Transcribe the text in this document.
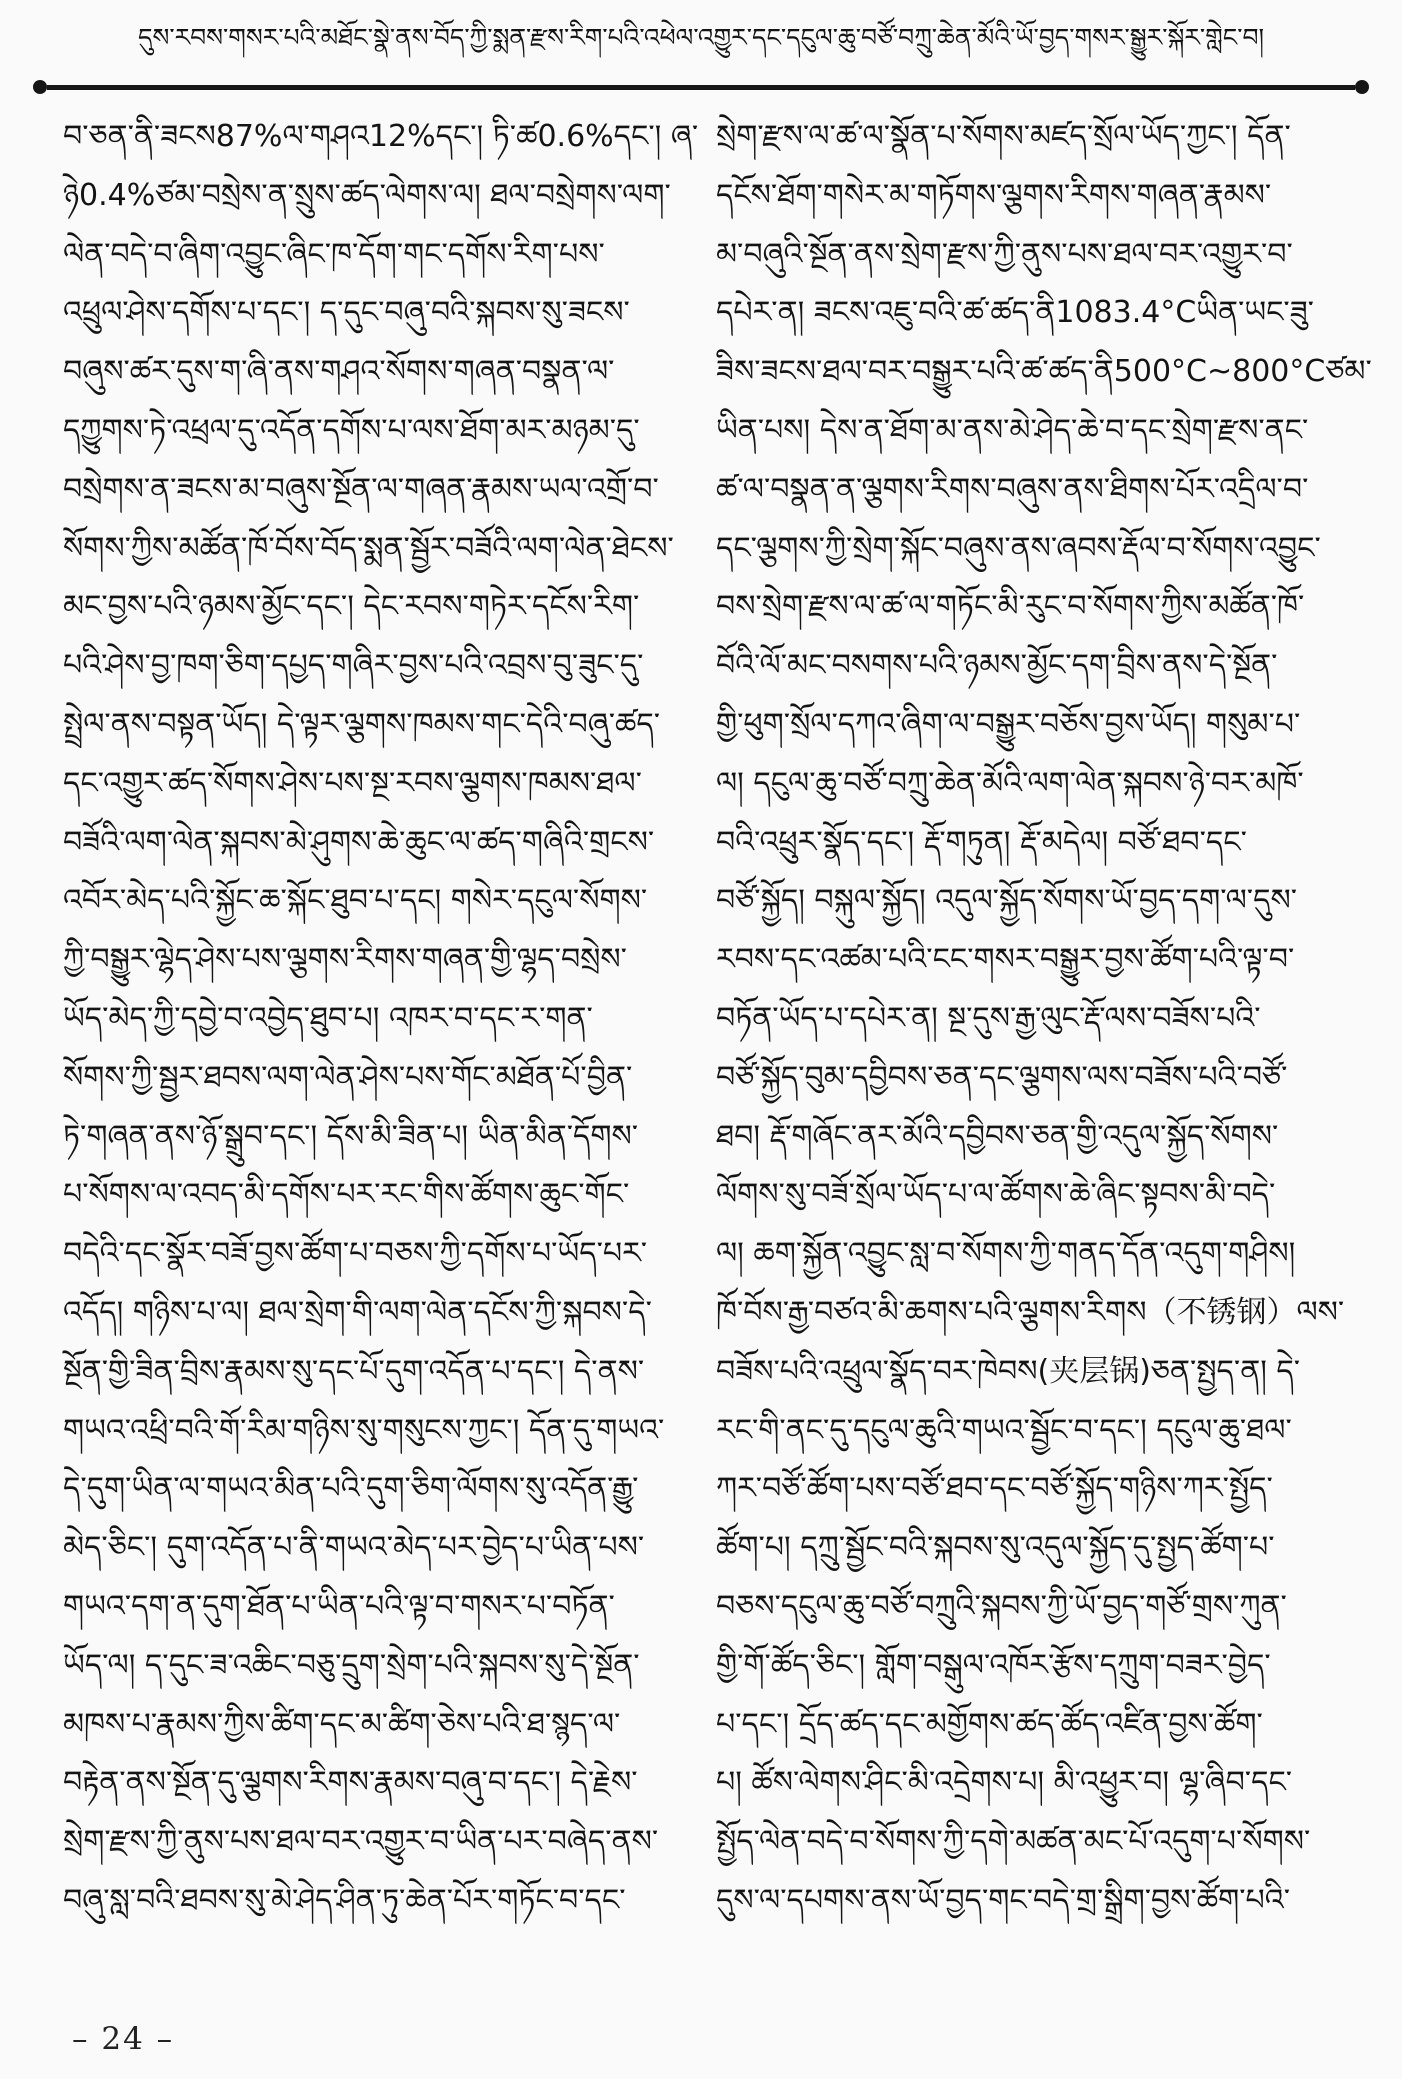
དུས་རབས་གསར་པའི་མཐོང་སྣེ་ནས་བོད་ཀྱི་སྨན་རྫས་རིག་པའི་འཕེལ་འགྱུར་དང་དངུལ་ཆུ་བཙོ་བཀྲུ་ཆེན་མོའི་ཡོ་བྱད་གསར་སྒྱུར་སྐོར་གླེང་བ།
བ་ཅན་ནི་ཟངས87%ལ་གཤའ12%དང་། ཏི་ཚ0.6%དང་། ཞ་
ཉེ0.4%ཙམ་བསྲེས་ན་སྲུས་ཚད་ལེགས་ལ། ཐལ་བསྲེགས་ལག་
ལེན་བདེ་བ་ཞིག་འབྱུང་ཞིང་ཁ་དོག་གང་དགོས་རིག་པས་
འཕྲུལ་ཤེས་དགོས་པ་དང་། ད་དུང་བཞུ་བའི་སྐབས་སུ་ཟངས་
བཞུས་ཚར་དུས་ག་ཞི་ནས་གཤའ་སོགས་གཞན་བསྣན་ལ་
དཀྱུགས་ཏེ་འཕྲལ་དུ་འདོན་དགོས་པ་ལས་ཐོག་མར་མཉམ་དུ་
བསྲེགས་ན་ཟངས་མ་བཞུས་སྔོན་ལ་གཞན་རྣམས་ཡལ་འགྲོ་བ་
སོགས་ཀྱིས་མཚོན་ཁོ་བོས་བོད་སྨན་སྦྱོར་བཟོའི་ལག་ལེན་ཐེངས་
མང་བྱས་པའི་ཉམས་མྱོང་དང་། དེང་རབས་གཏེར་དངོས་རིག་
པའི་ཤེས་བྱ་ཁག་ཅིག་དཔྱད་གཞིར་བྱས་པའི་འབྲས་བུ་ཟུང་དུ་
སྤྲེལ་ནས་བསྟན་ཡོད། དེ་ལྟར་ལྕགས་ཁམས་གང་དེའི་བཞུ་ཚད་
དང་འགྱུར་ཚད་སོགས་ཤེས་པས་སྔ་རབས་ལྕགས་ཁམས་ཐལ་
བཟོའི་ལག་ལེན་སྐབས་མེ་ཤུགས་ཆེ་ཆུང་ལ་ཚད་གཞིའི་གྲངས་
འབོར་མེད་པའི་སྐྱོང་ཆ་སྐོང་ཐུབ་པ་དང། གསེར་དངུལ་སོགས་
ཀྱི་བསྒྱུར་ལྷེད་ཤེས་པས་ལྕགས་རིགས་གཞན་གྱི་ལྷད་བསྲེས་
ཡོད་མེད་ཀྱི་དབྱེ་བ་འབྱེད་ཐུབ་པ། འཁར་བ་དང་ར་གན་
སོགས་ཀྱི་སྦྱར་ཐབས་ལག་ལེན་ཤེས་པས་གོང་མཐོན་པོ་བྱིན་
ཏེ་གཞན་ནས་ཉོ་སྒྲུབ་དང་། དོས་མི་ཟིན་པ། ཡིན་མིན་དོགས་
པ་སོགས་ལ་འབད་མི་དགོས་པར་རང་གིས་ཚོགས་ཆུང་གོང་
བདེའི་དང་སྣོར་བཟོ་བྱས་ཚོག་པ་བཅས་ཀྱི་དགོས་པ་ཡོད་པར་
འདོད། གཉིས་པ་ལ། ཐལ་སྲེག་གི་ལག་ལེན་དངོས་ཀྱི་སྐབས་དེ་
སྔོན་གྱི་ཟིན་བྲིས་རྣམས་སུ་དང་པོ་དུག་འདོན་པ་དང་། དེ་ནས་
གཡའ་འཕྲི་བའི་གོ་རིམ་གཉིས་སུ་གསུངས་ཀྱང་། དོན་དུ་གཡའ་
དེ་དུག་ཡིན་ལ་གཡའ་མིན་པའི་དུག་ཅིག་ལོགས་སུ་འདོན་རྒྱུ་
མེད་ཅིང་། དུག་འདོན་པ་ནི་གཡའ་མེད་པར་བྱེད་པ་ཡིན་པས་
གཡའ་དག་ན་དུག་ཐོན་པ་ཡིན་པའི་ལྟ་བ་གསར་པ་བཏོན་
ཡོད་ལ། ད་དུང་ཟ་འཆིང་བཅུ་དྲུག་སྲེག་པའི་སྐབས་སུ་དེ་སྔོན་
མཁས་པ་རྣམས་ཀྱིས་ཚིག་དང་མ་ཚིག་ཅེས་པའི་ཐ་སྙད་ལ་
བརྟེན་ནས་སྔོན་དུ་ལྕགས་རིགས་རྣམས་བཞུ་བ་དང་། དེ་རྗེས་
སྲེག་རྫས་ཀྱི་ནུས་པས་ཐལ་བར་འགྱུར་བ་ཡིན་པར་བཞེད་ནས་
བཞུ་སླ་བའི་ཐབས་སུ་མེ་ཤེད་ཤིན་ཏུ་ཆེན་པོར་གཏོང་བ་དང་
སྲེག་རྫས་ལ་ཚ་ལ་སྣོན་པ་སོགས་མཛད་སྲོལ་ཡོད་ཀྱང་། དོན་
དངོས་ཐོག་གསེར་མ་གཏོགས་ལྕགས་རིགས་གཞན་རྣམས་
མ་བཞུའི་སྔོན་ནས་སྲེག་རྫས་ཀྱི་ནུས་པས་ཐལ་བར་འགྱུར་བ་
དཔེར་ན། ཟངས་འཇུ་བའི་ཚ་ཚད་ནི1083.4°Cཡིན་ཡང་ཟུ་
ཟིས་ཟངས་ཐལ་བར་བསྒྱུར་པའི་ཚ་ཚད་ནི500°C~800°Cཙམ་
ཡིན་པས། དེས་ན་ཐོག་མ་ནས་མེ་ཤེད་ཆེ་བ་དང་སྲེག་རྫས་ནང་
ཚ་ལ་བསྣན་ན་ལྕགས་རིགས་བཞུས་ནས་ཐིགས་པོར་འདྲིལ་བ་
དང་ལྕགས་ཀྱི་སྲེག་སྐོང་བཞུས་ནས་ཞབས་རྡོལ་བ་སོགས་འབྱུང་
བས་སྲེག་རྫས་ལ་ཚ་ལ་གཏོང་མི་རུང་བ་སོགས་ཀྱིས་མཚོན་ཁོ་
བོའི་ལོ་མང་བསགས་པའི་ཉམས་མྱོང་དག་བྲིས་ནས་དེ་སྔོན་
གྱི་ཕུག་སྲོལ་དཀའ་ཞིག་ལ་བསྒྱུར་བཅོས་བྱས་ཡོད། གསུམ་པ་
ལ། དངུལ་ཆུ་བཙོ་བཀྲུ་ཆེན་མོའི་ལག་ལེན་སྐབས་ཉེ་བར་མཁོ་
བའི་འཕྲུར་སྣོད་དང་། རྡོ་གཏུན། རྡོ་མདེལ། བཙོ་ཐབ་དང་
བཙོ་སྐྱོད། བསྐུལ་སྐྱོད། འདུལ་སྐྱོད་སོགས་ཡོ་བྱད་དག་ལ་དུས་
རབས་དང་འཚམ་པའི་ངང་གསར་བསྒྱུར་བྱས་ཚོག་པའི་ལྟ་བ་
བཏོན་ཡོད་པ་དཔེར་ན། སྔ་དུས་རྒྱ་ལུང་རྡོ་ལས་བཟོས་པའི་
བཙོ་སྐྱོད་བུམ་དབྱིབས་ཅན་དང་ལྕགས་ལས་བཟོས་པའི་བཙོ་
ཐབ། རྡོ་གཞོང་ནར་མོའི་དབྱིབས་ཅན་གྱི་འདུལ་སྐྱོད་སོགས་
ལོགས་སུ་བཟོ་སྲོལ་ཡོད་པ་ལ་ཚོགས་ཆེ་ཞིང་སྟབས་མི་བདེ་
ལ། ཆག་སྐྱོན་འབྱུང་སླ་བ་སོགས་ཀྱི་གནད་དོན་འདུག་གཤིས།
ཁོ་བོས་རྒྱ་བཙའ་མི་ཆགས་པའི་ལྕགས་རིགས（不锈钢）ལས་
བཟོས་པའི་འཕྲུལ་སྣོད་བར་ཁེབས(夹层锅)ཅན་སྤྱད་ན། དེ་
རང་གི་ནང་དུ་དངུལ་ཆུའི་གཡའ་སྦྱོང་བ་དང་། དངུལ་ཆུ་ཐལ་
ཀར་བཙོ་ཚོག་པས་བཙོ་ཐབ་དང་བཙོ་སྐྱོད་གཉིས་ཀར་སྤྱོད་
ཚོག་པ། དཀྲུ་སྦྱོང་བའི་སྐབས་སུ་འདུལ་སྐྱོད་དུ་སྤྱད་ཚོག་པ་
བཅས་དངུལ་ཆུ་བཙོ་བཀྲུའི་སྐབས་ཀྱི་ཡོ་བྱད་གཙོ་གྲས་ཀུན་
གྱི་གོ་ཚོད་ཅིང་། གློག་བསྒུལ་འཁོར་རྩོས་དཀྲུག་བཟར་བྱེད་
པ་དང་། དྲོད་ཚད་དང་མགྱོགས་ཚད་ཚོད་འཛིན་བྱས་ཚོག་
པ། ཚོས་ལེགས་ཤིང་མི་འདྲེགས་པ། མི་འཕྱུར་བ། ལྷ་ཞིབ་དང་
སྤྱོད་ལེན་བདེ་བ་སོགས་ཀྱི་དགེ་མཚན་མང་པོ་འདུག་པ་སོགས་
དུས་ལ་དཔགས་ནས་ཡོ་བྱད་གང་བདེ་གྲ་སྒྲིག་བྱས་ཚོག་པའི་
– 24 –
